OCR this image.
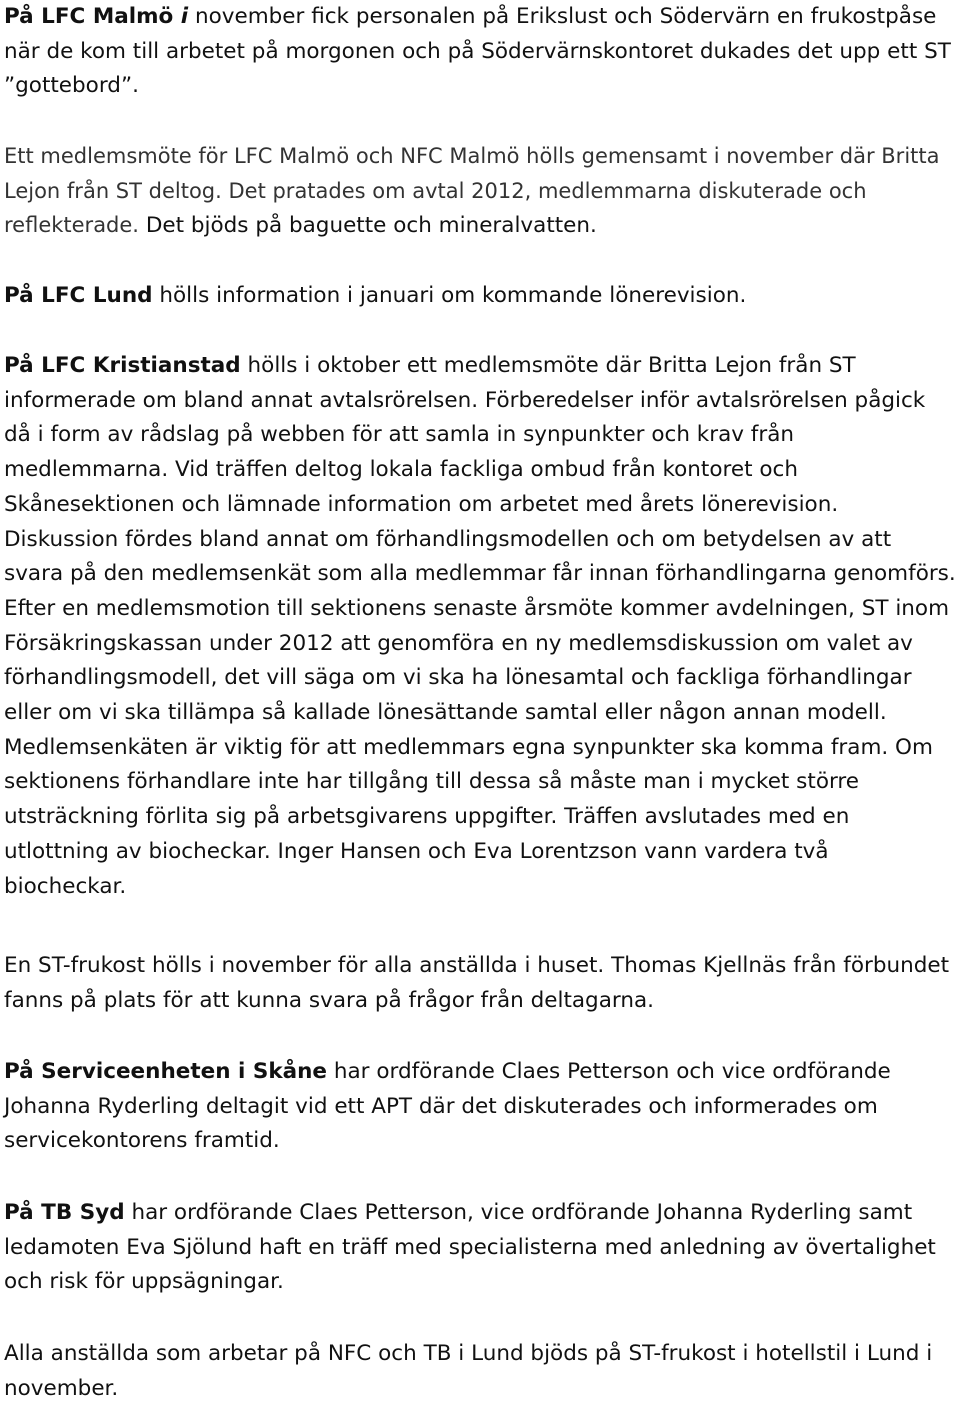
På LFC Malmö i november fick personalen på Erikslust och Södervärn en frukostpåse när de kom till arbetet på morgonen och på Södervärnskontoret dukades det upp ett ST ”gottebord”.

Ett medlemsmöte för LFC Malmö och NFC Malmö hölls gemensamt i november där Britta Lejon från ST deltog. Det pratades om avtal 2012, medlemmarna diskuterade och reflekterade. Det bjöds på baguette och mineralvatten.

På LFC Lund hölls information i januari om kommande lönerevision.

På LFC Kristianstad hölls i oktober ett medlemsmöte där Britta Lejon från ST informerade om bland annat avtalsrörelsen. Förberedelser inför avtalsrörelsen pågick då i form av rådslag på webben för att samla in synpunkter och krav från medlemmarna. Vid träffen deltog lokala fackliga ombud från kontoret och Skånesektionen och lämnade information om arbetet med årets lönerevision. Diskussion fördes bland annat om förhandlingsmodellen och om betydelsen av att svara på den medlemsenkät som alla medlemmar får innan förhandlingarna genomförs. Efter en medlemsmotion till sektionens senaste årsmöte kommer avdelningen, ST inom Försäkringskassan under 2012 att genomföra en ny medlemsdiskussion om valet av förhandlingsmodell, det vill säga om vi ska ha lönesamtal och fackliga förhandlingar eller om vi ska tillämpa så kallade lönesättande samtal eller någon annan modell. Medlemsenkäten är viktig för att medlemmars egna synpunkter ska komma fram. Om sektionens förhandlare inte har tillgång till dessa så måste man i mycket större utsträckning förlita sig på arbetsgivarens uppgifter. Träffen avslutades med en utlottning av biocheckar. Inger Hansen och Eva Lorentzson vann vardera två biocheckar.

En ST-frukost hölls i november för alla anställda i huset. Thomas Kjellnäs från förbundet fanns på plats för att kunna svara på frågor från deltagarna.

På Serviceenheten i Skåne har ordförande Claes Petterson och vice ordförande Johanna Ryderling deltagit vid ett APT där det diskuterades och informerades om servicekontorens framtid.

På TB Syd har ordförande Claes Petterson, vice ordförande Johanna Ryderling samt ledamoten Eva Sjölund haft en träff med specialisterna med anledning av övertalighet och risk för uppsägningar.

Alla anställda som arbetar på NFC och TB i Lund bjöds på ST-frukost i hotellstil i Lund i november.
